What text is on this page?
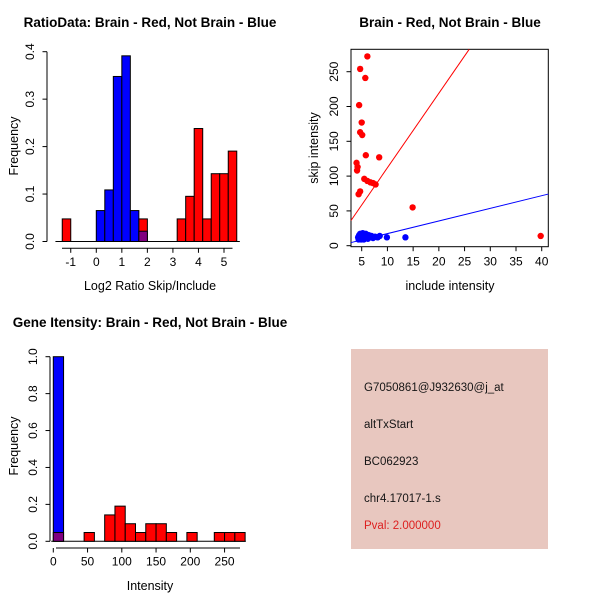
-1 0 1 2 3 4 5
0.0
0.1
0.2
0.3
0.4
RatioData: Brain - Red, Not Brain - Blue
Log2 Ratio Skip/Include
Frequency
5 10 15 20 25 30 35 40
0
50
100
150
200
250
Brain - Red, Not Brain - Blue
include intensity
skip intensity
0 50 100 150 200 250
0.0
0.2
0.4
0.6
0.8
1.0
Gene Itensity: Brain - Red, Not Brain - Blue
Intensity
Frequency
G7050861@J932630@j_at
altTxStart
BC062923
chr4.17017-1.s
Pval: 2.000000
